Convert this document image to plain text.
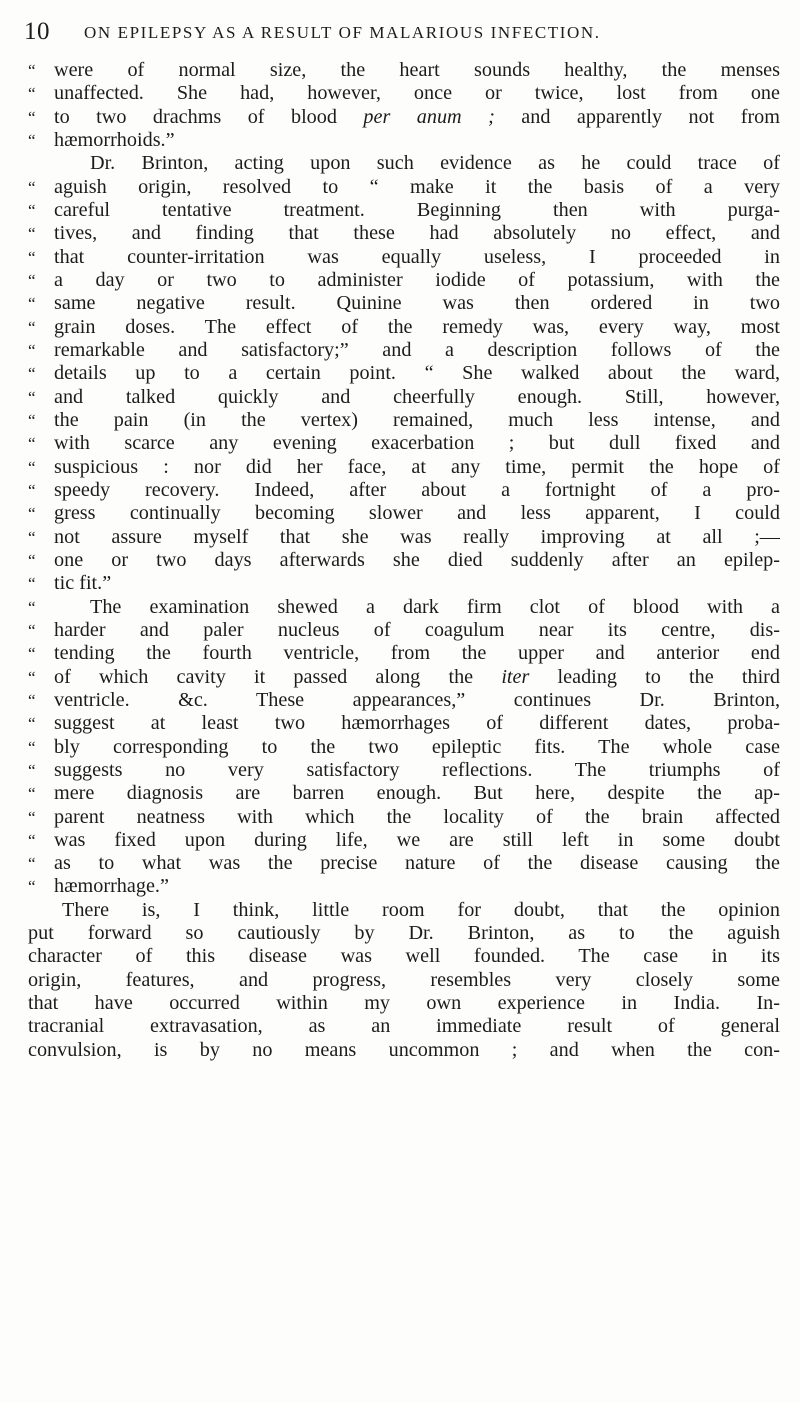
10 ON EPILEPSY AS A RESULT OF MALARIOUS INFECTION.
“ were of normal size, the heart sounds healthy, the menses
“ unaffected. She had, however, once or twice, lost from one
“ to two drachms of blood per anum ; and apparently not from
“ hæmorrhoids.”
Dr. Brinton, acting upon such evidence as he could trace of
“ aguish origin, resolved to “ make it the basis of a very
“ careful tentative treatment. Beginning then with purga-
“ tives, and finding that these had absolutely no effect, and
“ that counter-irritation was equally useless, I proceeded in
“ a day or two to administer iodide of potassium, with the
“ same negative result. Quinine was then ordered in two
“ grain doses. The effect of the remedy was, every way, most
“ remarkable and satisfactory;” and a description follows of the
“ details up to a certain point. “ She walked about the ward,
“ and talked quickly and cheerfully enough. Still, however,
“ the pain (in the vertex) remained, much less intense, and
“ with scarce any evening exacerbation ; but dull fixed and
“ suspicious : nor did her face, at any time, permit the hope of
“ speedy recovery. Indeed, after about a fortnight of a pro-
“ gress continually becoming slower and less apparent, I could
“ not assure myself that she was really improving at all ;—
“ one or two days afterwards she died suddenly after an epilep-
“ tic fit.”
“	The examination shewed a dark firm clot of blood with a
“ harder and paler nucleus of coagulum near its centre, dis-
“ tending the fourth ventricle, from the upper and anterior end
“ of which cavity it passed along the iter leading to the third
“ ventricle. &c. These appearances,” continues Dr. Brinton,
“ suggest at least two hæmorrhages of different dates, proba-
“ bly corresponding to the two epileptic fits. The whole case
“ suggests no very satisfactory reflections. The triumphs of
“ mere diagnosis are barren enough. But here, despite the ap-
“ parent neatness with which the locality of the brain affected
“ was fixed upon during life, we are still left in some doubt
“ as to what was the precise nature of the disease causing the
“ hæmorrhage.”
There is, I think, little room for doubt, that the opinion
put forward so cautiously by Dr. Brinton, as to the aguish
character of this disease was well founded. The case in its
origin, features, and progress, resembles very closely some
that have occurred within my own experience in India. In-
tracranial extravasation, as an immediate result of general
convulsion, is by no means uncommon ; and when the con-
